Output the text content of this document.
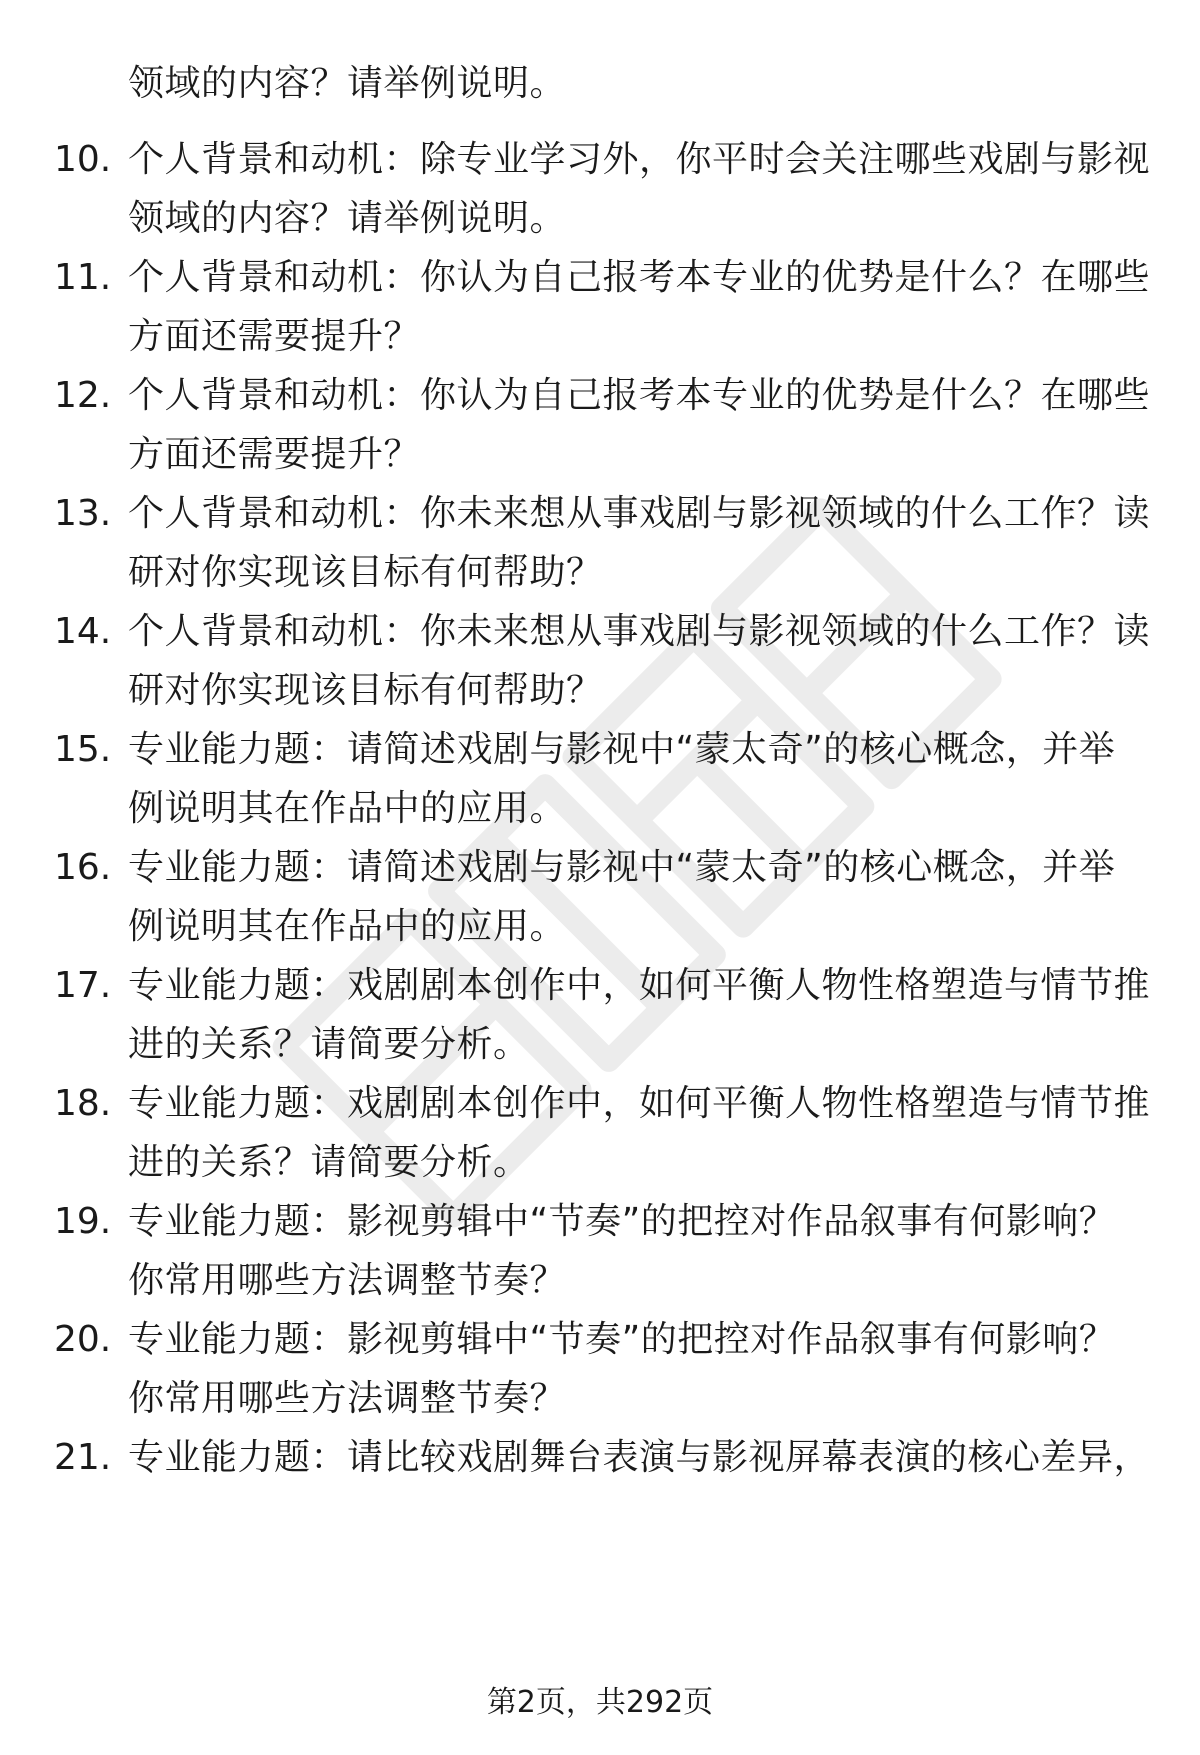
领域的内容？请举例说明。
10. 个人背景和动机：除专业学习外，你平时会关注哪些戏剧与影视
领域的内容？请举例说明。
11. 个人背景和动机：你认为自己报考本专业的优势是什么？在哪些
方面还需要提升？
12. 个人背景和动机：你认为自己报考本专业的优势是什么？在哪些
方面还需要提升？
13. 个人背景和动机：你未来想从事戏剧与影视领域的什么工作？读
研对你实现该目标有何帮助？
14. 个人背景和动机：你未来想从事戏剧与影视领域的什么工作？读
研对你实现该目标有何帮助？
15. 专业能力题：请简述戏剧与影视中“蒙太奇”的核心概念，并举
例说明其在作品中的应用。
16. 专业能力题：请简述戏剧与影视中“蒙太奇”的核心概念，并举
例说明其在作品中的应用。
17. 专业能力题：戏剧剧本创作中，如何平衡人物性格塑造与情节推
进的关系？请简要分析。
18. 专业能力题：戏剧剧本创作中，如何平衡人物性格塑造与情节推
进的关系？请简要分析。
19. 专业能力题：影视剪辑中“节奏”的把控对作品叙事有何影响？
你常用哪些方法调整节奏？
20. 专业能力题：影视剪辑中“节奏”的把控对作品叙事有何影响？
你常用哪些方法调整节奏？
21. 专业能力题：请比较戏剧舞台表演与影视屏幕表演的核心差异，
第2页，共292页
